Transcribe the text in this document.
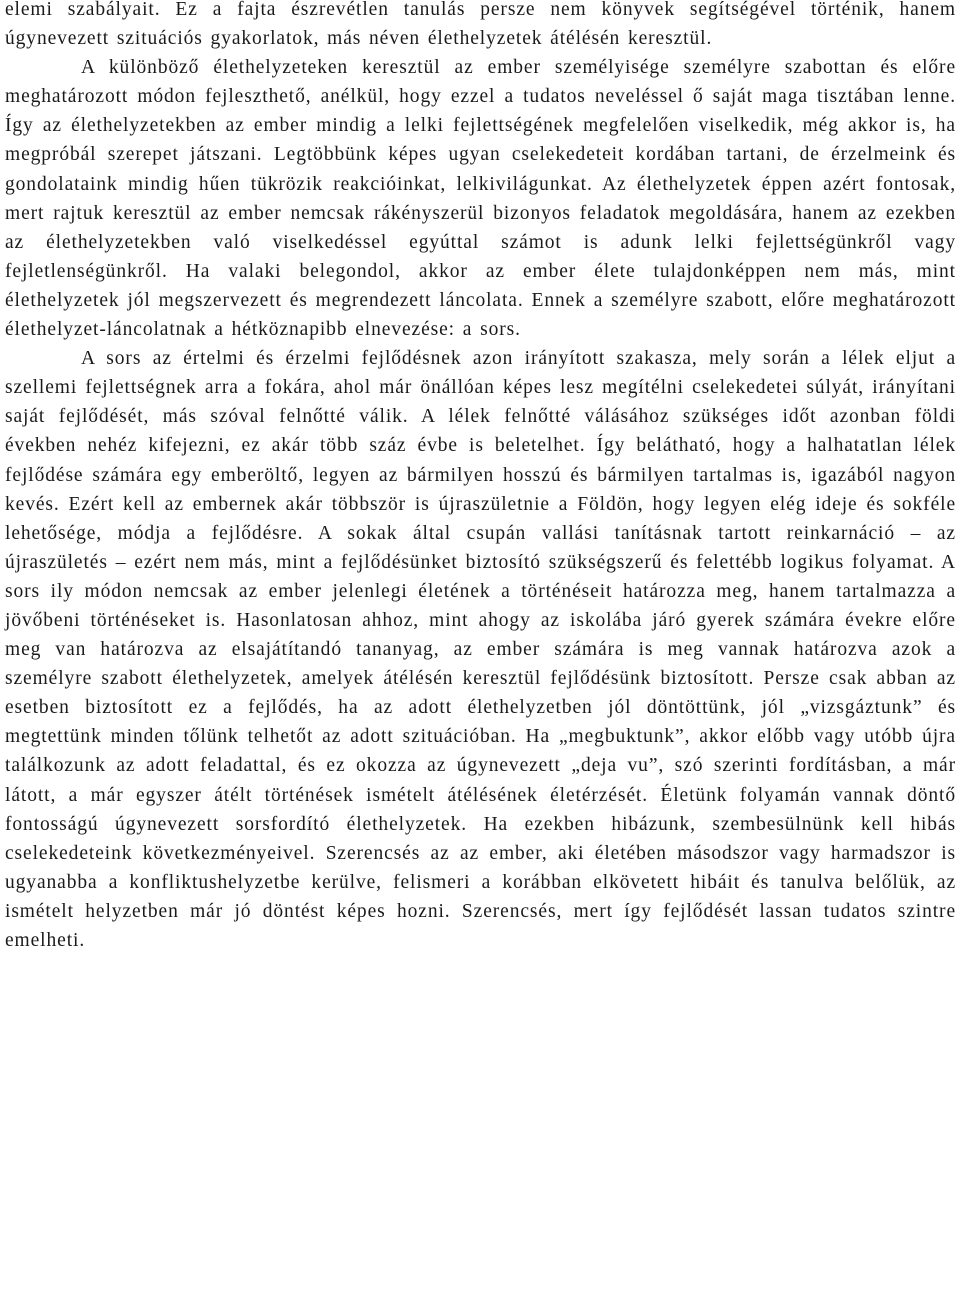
elemi szabályait. Ez a fajta észrevétlen tanulás persze nem könyvek segítségével történik, hanem úgynevezett szituációs gyakorlatok, más néven élethelyzetek átélésén keresztül.

A különböző élethelyzeteken keresztül az ember személyisége személyre szabottan és előre meghatározott módon fejleszthető, anélkül, hogy ezzel a tudatos neveléssel ő saját maga tisztában lenne. Így az élethelyzetekben az ember mindig a lelki fejlettségének megfelelően viselkedik, még akkor is, ha megpróbál szerepet játszani. Legtöbbünk képes ugyan cselekedeteit kordában tartani, de érzelmeink és gondolataink mindig hűen tükrözik reakcióinkat, lelkivilágunkat. Az élethelyzetek éppen azért fontosak, mert rajtuk keresztül az ember nemcsak rákényszerül bizonyos feladatok megoldására, hanem az ezekben az élethelyzetekben való viselkedéssel egyúttal számot is adunk lelki fejlettségünkről vagy fejletlenségünkről. Ha valaki belegondol, akkor az ember élete tulajdonképpen nem más, mint élethelyzetek jól megszervezett és megrendezett láncolata. Ennek a személyre szabott, előre meghatározott élethelyzet-láncolatnak a hétköznapibb elnevezése: a sors.

A sors az értelmi és érzelmi fejlődésnek azon irányított szakasza, mely során a lélek eljut a szellemi fejlettségnek arra a fokára, ahol már önállóan képes lesz megítélni cselekedetei súlyát, irányítani saját fejlődését, más szóval felnőtté válik. A lélek felnőtté válásához szükséges időt azonban földi években nehéz kifejezni, ez akár több száz évbe is beletelhet. Így belátható, hogy a halhatatlan lélek fejlődése számára egy emberöltő, legyen az bármilyen hosszú és bármilyen tartalmas is, igazából nagyon kevés. Ezért kell az embernek akár többször is újraszületnie a Földön, hogy legyen elég ideje és sokféle lehetősége, módja a fejlődésre. A sokak által csupán vallási tanításnak tartott reinkarnáció – az újraszületés – ezért nem más, mint a fejlődésünket biztosító szükségszerű és felettébb logikus folyamat. A sors ily módon nemcsak az ember jelenlegi életének a történéseit határozza meg, hanem tartalmazza a jövőbeni történéseket is. Hasonlatosan ahhoz, mint ahogy az iskolába járó gyerek számára évekre előre meg van határozva az elsajátítandó tananyag, az ember számára is meg vannak határozva azok a személyre szabott élethelyzetek, amelyek átélésén keresztül fejlődésünk biztosított. Persze csak abban az esetben biztosított ez a fejlődés, ha az adott élethelyzetben jól döntöttünk, jól „vizsgáztunk” és megtettünk minden tőlünk telhetőt az adott szituációban. Ha „megbuktunk”, akkor előbb vagy utóbb újra találkozunk az adott feladattal, és ez okozza az úgynevezett „deja vu”, szó szerinti fordításban, a már látott, a már egyszer átélt történések ismételt átélésének életérzését. Életünk folyamán vannak döntő fontosságú úgynevezett sorsfordító élethelyzetek. Ha ezekben hibázunk, szembesülnünk kell hibás cselekedeteink következményeivel. Szerencsés az az ember, aki életében másodszor vagy harmadszor is ugyanabba a konfliktushelyzetbe kerülve, felismeri a korábban elkövetett hibáit és tanulva belőlük, az ismételt helyzetben már jó döntést képes hozni. Szerencsés, mert így fejlődését lassan tudatos szintre emelheti.
